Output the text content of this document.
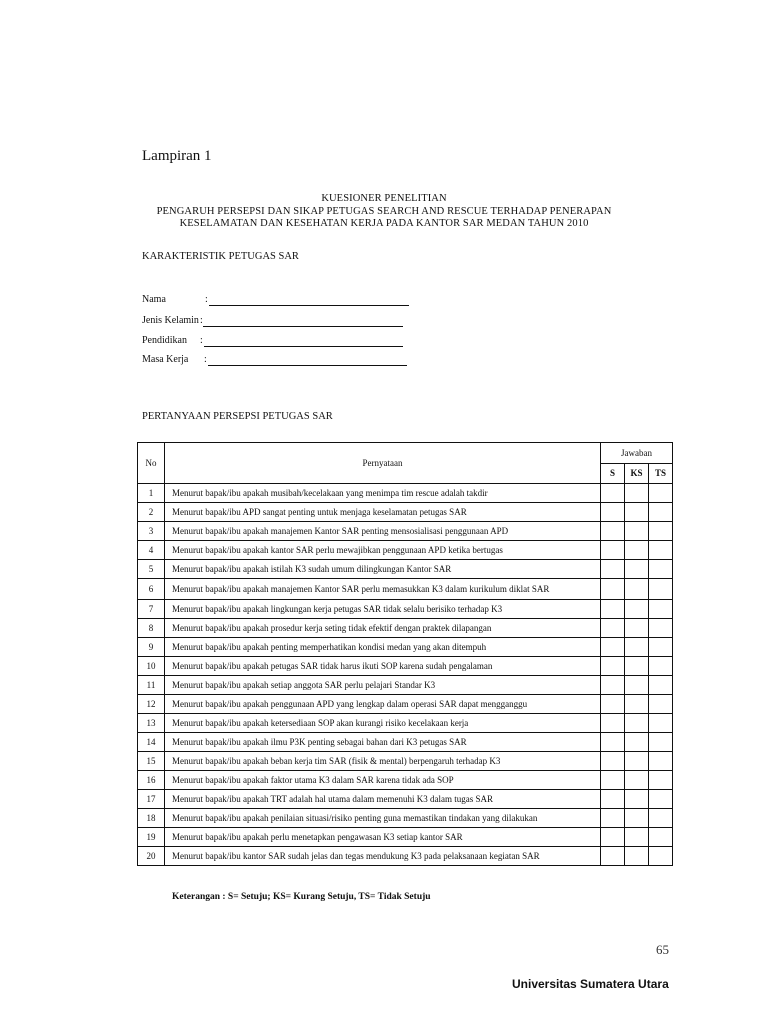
Lampiran 1
KUESIONER PENELITIAN
PENGARUH PERSEPSI DAN SIKAP PETUGAS SEARCH AND RESCUE TERHADAP PENERAPAN
KESELAMATAN DAN KESEHATAN KERJA PADA KANTOR SAR MEDAN TAHUN 2010
KARAKTERISTIK PETUGAS SAR
Nama	:
Jenis Kelamin :
Pendidikan :
Masa Kerja :
PERTANYAAN PERSEPSI PETUGAS SAR
No	Pernyataan	Jawaban		
		S	KS	TS
1	Menurut bapak/ibu apakah musibah/kecelakaan yang menimpa tim rescue adalah takdir			
2	Menurut bapak/ibu APD sangat penting untuk menjaga keselamatan petugas SAR			
3	Menurut bapak/ibu apakah manajemen Kantor SAR penting mensosialisasi penggunaan APD			
4	Menurut bapak/ibu apakah kantor SAR perlu mewajibkan penggunaan APD ketika bertugas			
5	Menurut bapak/ibu apakah istilah K3 sudah umum dilingkungan Kantor SAR			
6	Menurut bapak/ibu apakah manajemen Kantor SAR perlu memasukkan K3 dalam kurikulum diklat SAR			
7	Menurut bapak/ibu apakah lingkungan kerja petugas SAR tidak selalu berisiko terhadap K3			
8	Menurut bapak/ibu apakah prosedur kerja seting tidak efektif dengan praktek dilapangan			
9	Menurut bapak/ibu apakah penting memperhatikan kondisi medan yang akan ditempuh			
10	Menurut bapak/ibu apakah petugas SAR tidak harus ikuti SOP karena sudah pengalaman			
11	Menurut bapak/ibu apakah setiap anggota SAR perlu pelajari Standar K3			
12	Menurut bapak/ibu apakah penggunaan APD yang lengkap dalam operasi SAR dapat mengganggu			
13	Menurut bapak/ibu apakah ketersediaan SOP akan kurangi risiko kecelakaan kerja			
14	Menurut bapak/ibu apakah ilmu P3K penting sebagai bahan dari K3 petugas SAR			
15	Menurut bapak/ibu apakah beban kerja tim SAR (fisik & mental) berpengaruh terhadap K3			
16	Menurut bapak/ibu apakah faktor utama K3 dalam SAR karena tidak ada SOP			
17	Menurut bapak/ibu apakah TRT adalah hal utama dalam memenuhi K3 dalam tugas SAR			
18	Menurut bapak/ibu apakah penilaian situasi/risiko penting guna memastikan tindakan yang dilakukan			
19	Menurut bapak/ibu apakah perlu menetapkan pengawasan K3 setiap kantor SAR			
20	Menurut bapak/ibu kantor SAR sudah jelas dan tegas mendukung K3 pada pelaksanaan kegiatan SAR			
Keterangan : S= Setuju; KS= Kurang Setuju, TS= Tidak Setuju
65
Universitas Sumatera Utara
